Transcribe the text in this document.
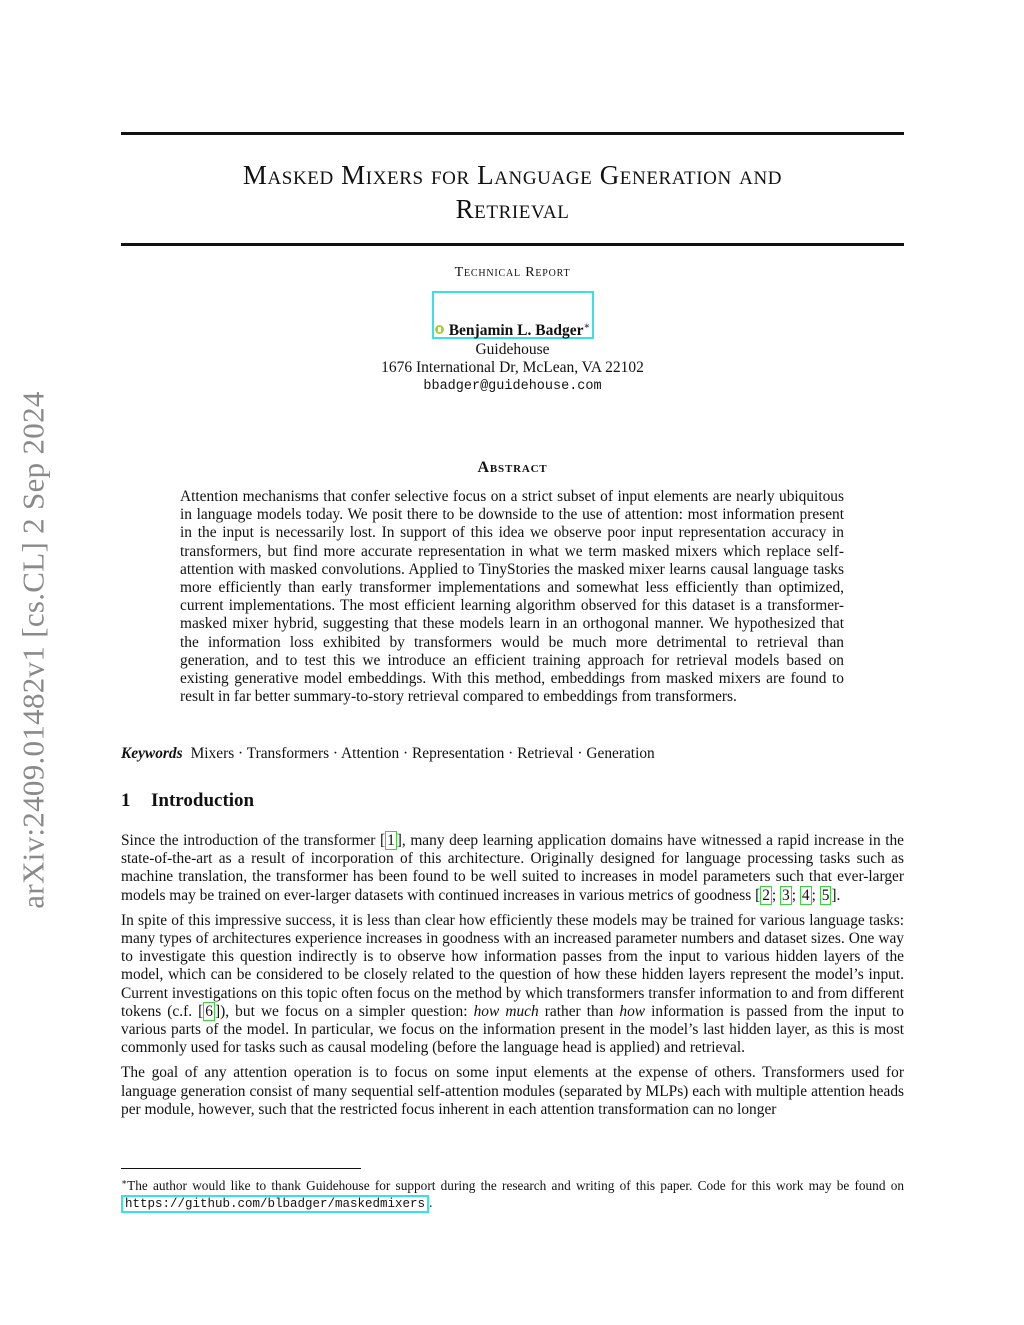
arXiv:2409.01482v1 [cs.CL] 2 Sep 2024
Masked Mixers for Language Generation and
Retrieval
Technical Report
Benjamin L. Badger∗
Guidehouse
1676 International Dr, McLean, VA 22102
bbadger@guidehouse.com
Abstract
Attention mechanisms that confer selective focus on a strict subset of input elements are nearly ubiquitous in language models today. We posit there to be downside to the use of attention: most information present in the input is necessarily lost. In support of this idea we observe poor input representation accuracy in transformers, but find more accurate representation in what we term masked mixers which replace self-attention with masked convolutions. Applied to TinyStories the masked mixer learns causal language tasks more efficiently than early transformer implementations and somewhat less efficiently than optimized, current implementations. The most efficient learning algorithm observed for this dataset is a transformer-masked mixer hybrid, suggesting that these models learn in an orthogonal manner. We hypothesized that the information loss exhibited by transformers would be much more detrimental to retrieval than generation, and to test this we introduce an efficient training approach for retrieval models based on existing generative model embeddings. With this method, embeddings from masked mixers are found to result in far better summary-to-story retrieval compared to embeddings from transformers.
Keywords Mixers · Transformers · Attention · Representation · Retrieval · Generation
1 Introduction

Since the introduction of the transformer [ 1 ], many deep learning application domains have witnessed a rapid increase in the state-of-the-art as a result of incorporation of this architecture. Originally designed for language processing tasks such as machine translation, the transformer has been found to be well suited to increases in model parameters such that ever-larger models may be trained on ever-larger datasets with continued increases in various metrics of goodness [ 2 ; 3 ; 4 ; 5 ].

In spite of this impressive success, it is less than clear how efficiently these models may be trained for various language tasks: many types of architectures experience increases in goodness with an increased parameter numbers and dataset sizes. One way to investigate this question indirectly is to observe how information passes from the input to various hidden layers of the model, which can be considered to be closely related to the question of how these hidden layers represent the model’s input. Current investigations on this topic often focus on the method by which transformers transfer information to and from different tokens (c.f. [ 6 ]), but we focus on a simpler question: how much rather than how information is passed from the input to various parts of the model. In particular, we focus on the information present in the model’s last hidden layer, as this is most commonly used for tasks such as causal modeling (before the language head is applied) and retrieval.

The goal of any attention operation is to focus on some input elements at the expense of others. Transformers used for language generation consist of many sequential self-attention modules (separated by MLPs) each with multiple attention heads per module, however, such that the restricted focus inherent in each attention transformation can no longer

∗The author would like to thank Guidehouse for support during the research and writing of this paper. Code for this work may be found on https://github.com/blbadger/maskedmixers .
